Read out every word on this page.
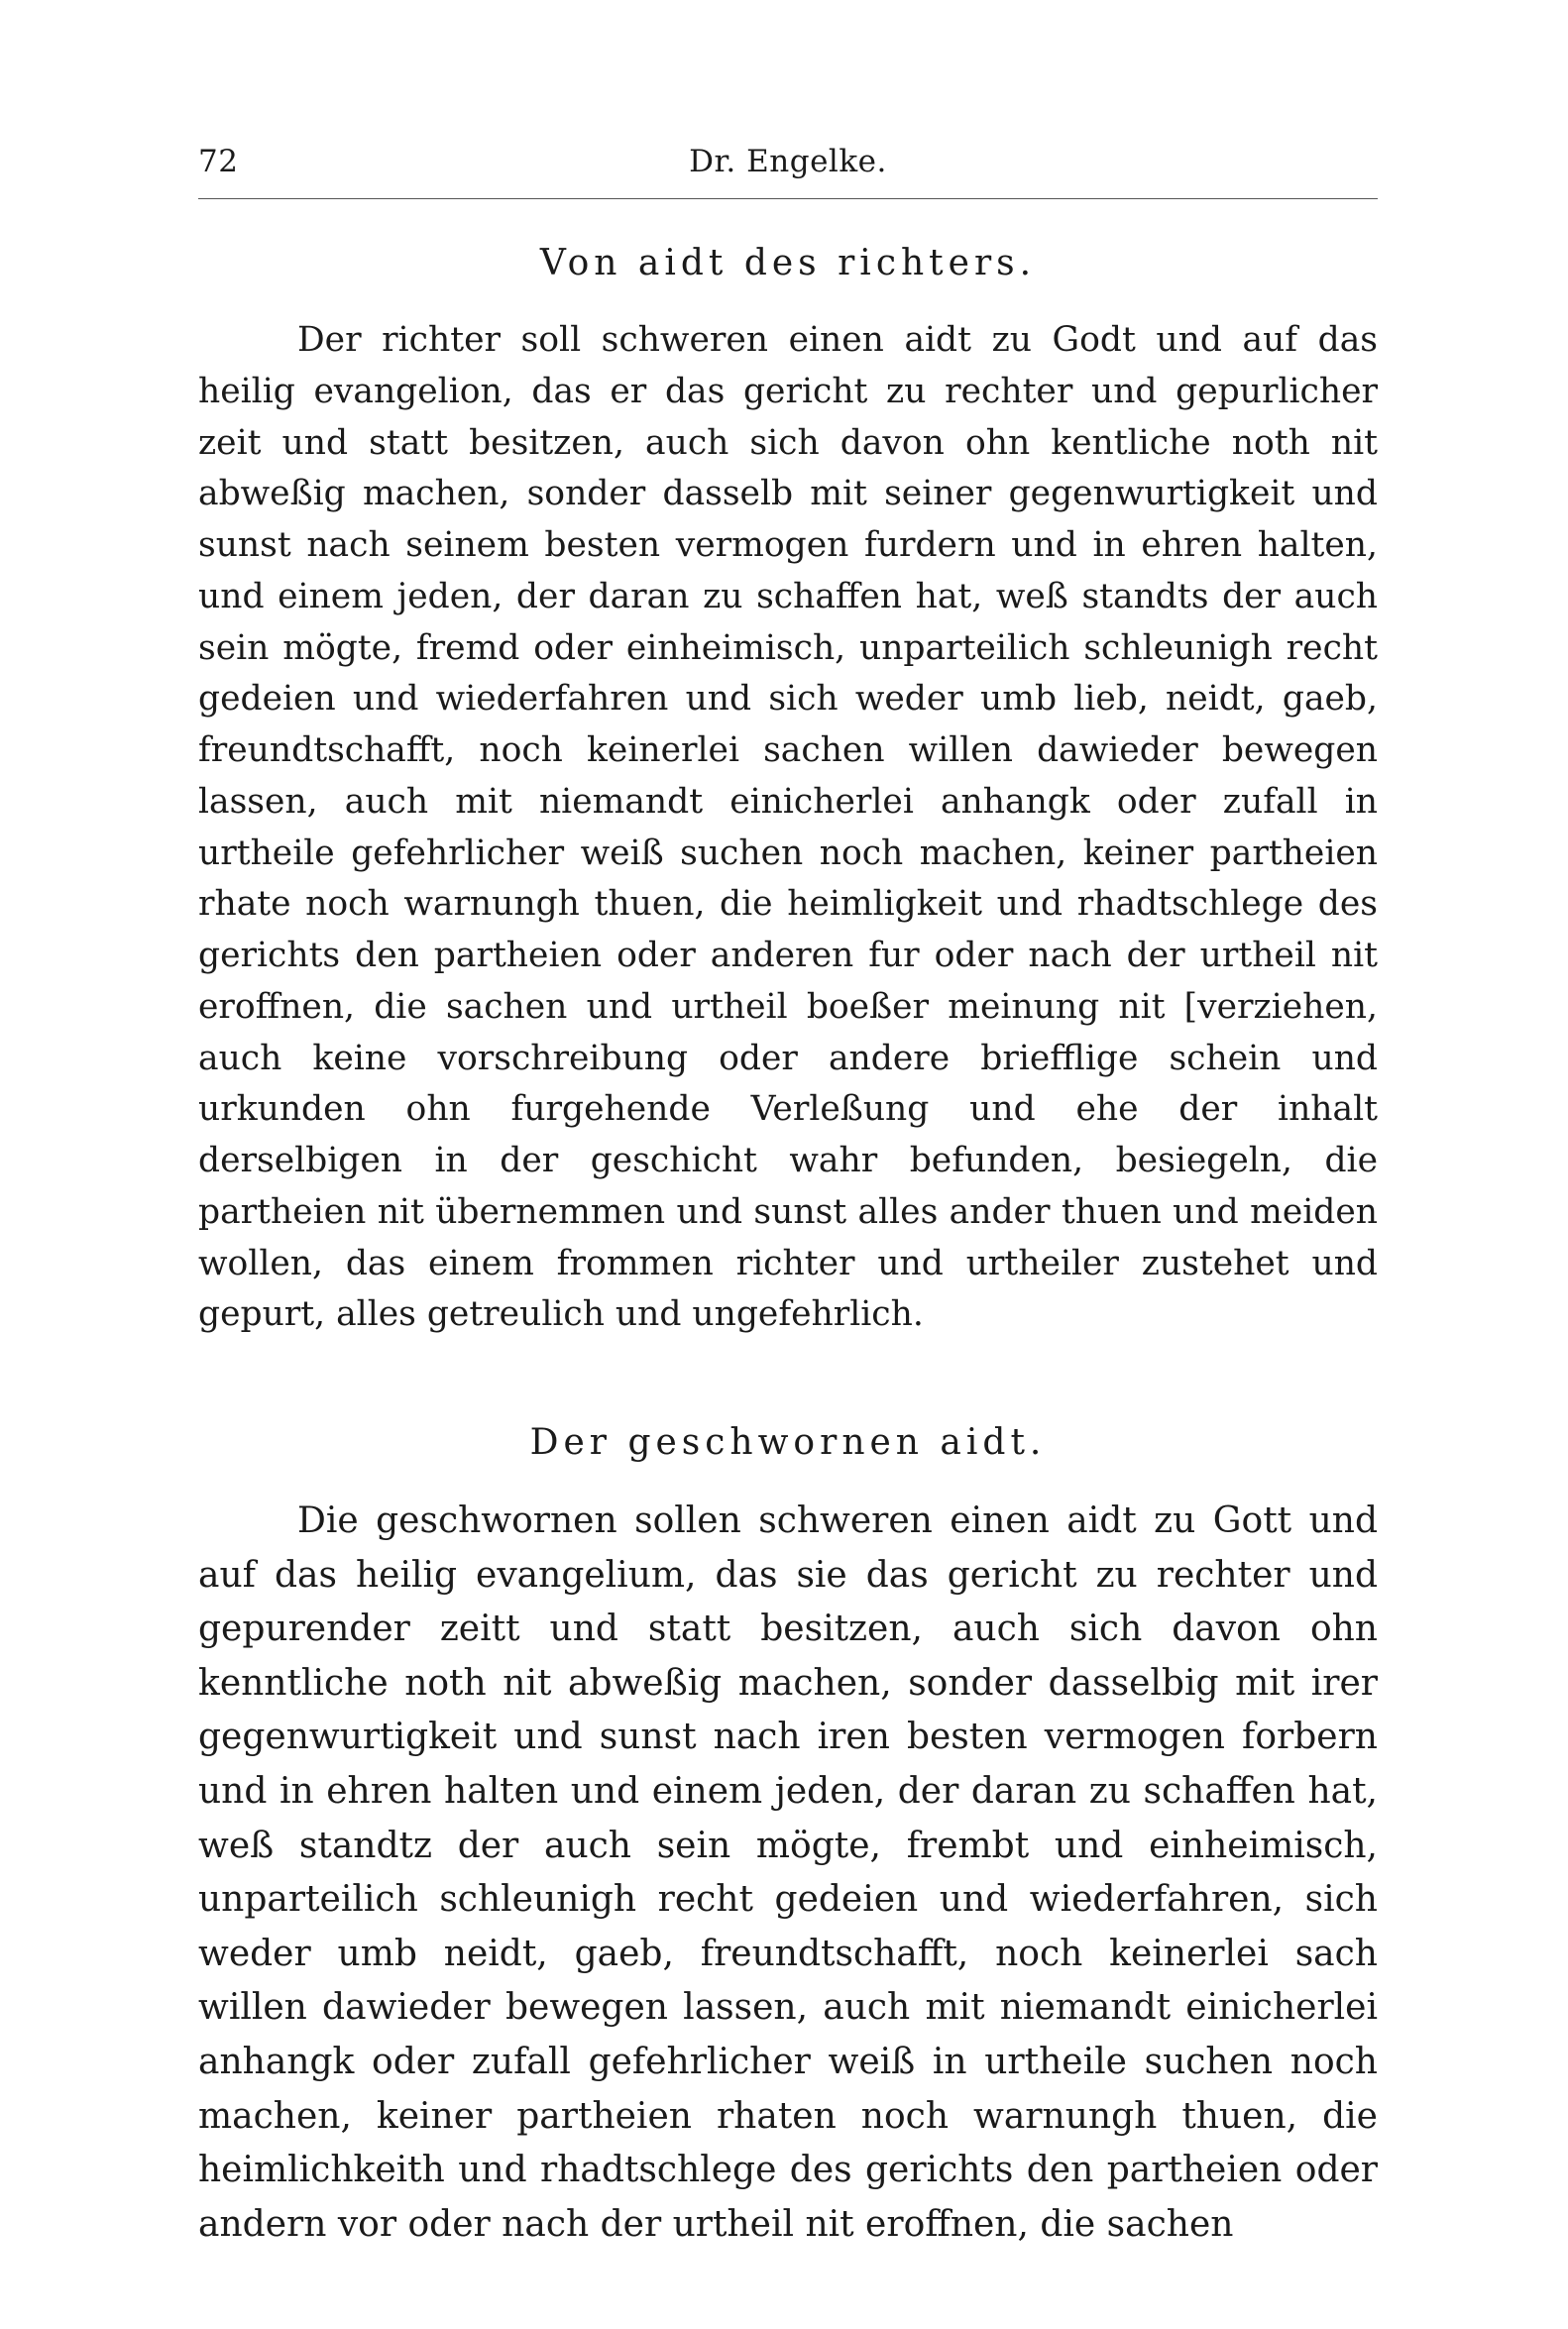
72	Dr. Engelke.
Von aidt des richters.

Der richter soll schweren einen aidt zu Godt und auf das heilig evangelion, das er das gericht zu rechter und gepurlicher zeit und statt besitzen, auch sich davon ohn kentliche noth nit abweßig machen, sonder dasselb mit seiner gegenwurtigkeit und sunst nach seinem besten vermogen furdern und in ehren halten, und einem jeden, der daran zu schaffen hat, weß standts der auch sein mögte, fremd oder einheimisch, unparteilich schleunigh recht gedeien und wiederfahren und sich weder umb lieb, neidt, gaeb, freundtschafft, noch keinerlei sachen willen dawieder bewegen lassen, auch mit niemandt einicherlei anhangk oder zufall in urtheile gefehrlicher weiß suchen noch machen, keiner partheien rhate noch warnungh thuen, die heimligkeit und rhadtschlege des gerichts den partheien oder anderen fur oder nach der urtheil nit eroffnen, die sachen und urtheil boeßer meinung nit [verziehen, auch keine vorschreibung oder andere briefflige schein und urkunden ohn furgehende Verleßung und ehe der inhalt derselbigen in der geschicht wahr befunden, besiegeln, die partheien nit übernemmen und sunst alles ander thuen und meiden wollen, das einem frommen richter und urtheiler zustehet und gepurt, alles getreulich und ungefehrlich.

Der geschwornen aidt.

Die geschwornen sollen schweren einen aidt zu Gott und auf das heilig evangelium, das sie das gericht zu rechter und gepurender zeitt und statt besitzen, auch sich davon ohn kenntliche noth nit abweßig machen, sonder dasselbig mit irer gegenwurtigkeit und sunst nach iren besten vermogen forbern und in ehren halten und einem jeden, der daran zu schaffen hat, weß standtz der auch sein mögte, frembt und einheimisch, unparteilich schleunigh recht gedeien und wiederfahren, sich weder umb neidt, gaeb, freundtschafft, noch keinerlei sach willen dawieder bewegen lassen, auch mit niemandt einicherlei anhangk oder zufall gefehrlicher weiß in urtheile suchen noch machen, keiner partheien rhaten noch warnungh thuen, die heimlichkeith und rhadtschlege des gerichts den partheien oder andern vor oder nach der urtheil nit eroffnen, die sachen
